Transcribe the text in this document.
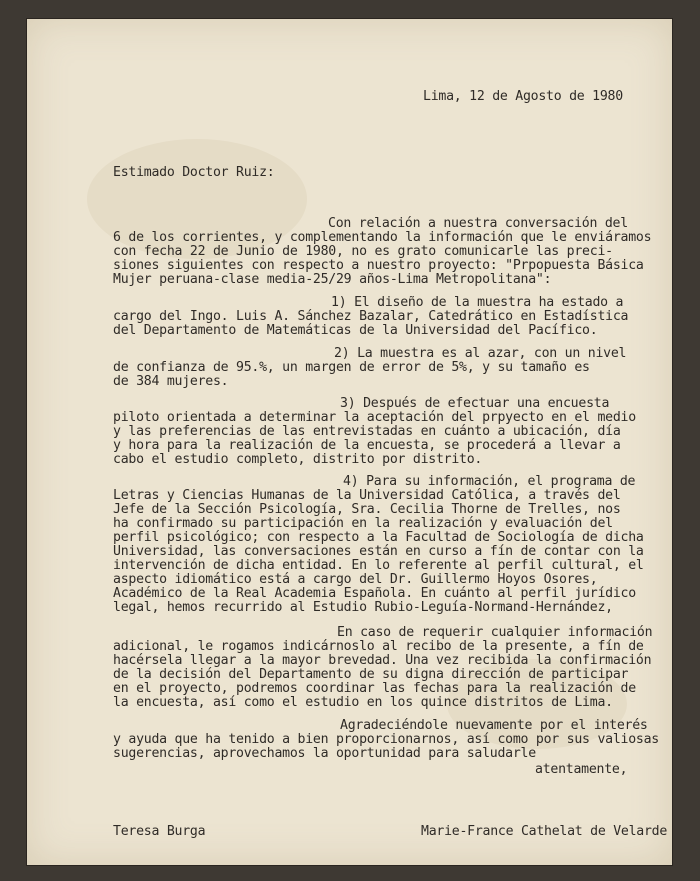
Lima, 12 de Agosto de 1980
Estimado Doctor Ruiz:
Con relación a nuestra conversación del
6 de los corrientes, y complementando la información que le enviáramos
con fecha 22 de Junio de 1980, no es grato comunicarle las preci-
siones siguientes con respecto a nuestro proyecto: "Prpopuesta Básica
Mujer peruana-clase media-25/29 años-Lima Metropolitana":
1) El diseño de la muestra ha estado a
cargo del Ingo. Luis A. Sánchez Bazalar, Catedrático en Estadística
del Departamento de Matemáticas de la Universidad del Pacífico.
2) La muestra es al azar, con un nivel
de confianza de 95.%, un margen de error de 5%, y su tamaño es
de 384 mujeres.
3) Después de efectuar una encuesta
piloto orientada a determinar la aceptación del prpyecto en el medio
y las preferencias de las entrevistadas en cuánto a ubicación, día
y hora para la realización de la encuesta, se procederá a llevar a
cabo el estudio completo, distrito por distrito.
4) Para su información, el programa de
Letras y Ciencias Humanas de la Universidad Católica, a través del
Jefe de la Sección Psicología, Sra. Cecilia Thorne de Trelles, nos
ha confirmado su participación en la realización y evaluación del
perfil psicológico; con respecto a la Facultad de Sociología de dicha
Universidad, las conversaciones están en curso a fín de contar con la
intervención de dicha entidad. En lo referente al perfil cultural, el
aspecto idiomático está a cargo del Dr. Guillermo Hoyos Osores,
Académico de la Real Academia Española. En cuánto al perfil jurídico
legal, hemos recurrido al Estudio Rubio-Leguía-Normand-Hernández,
En caso de requerir cualquier información
adicional, le rogamos indicárnoslo al recibo de la presente, a fín de
hacérsela llegar a la mayor brevedad. Una vez recibida la confirmación
de la decisión del Departamento de su digna dirección de participar
en el proyecto, podremos coordinar las fechas para la realización de
la encuesta, así como el estudio en los quince distritos de Lima.
Agradeciéndole nuevamente por el interés
y ayuda que ha tenido a bien proporcionarnos, así como por sus valiosas
sugerencias, aprovechamos la oportunidad para saludarle
atentamente,
Teresa Burga	Marie-France Cathelat de Velarde
